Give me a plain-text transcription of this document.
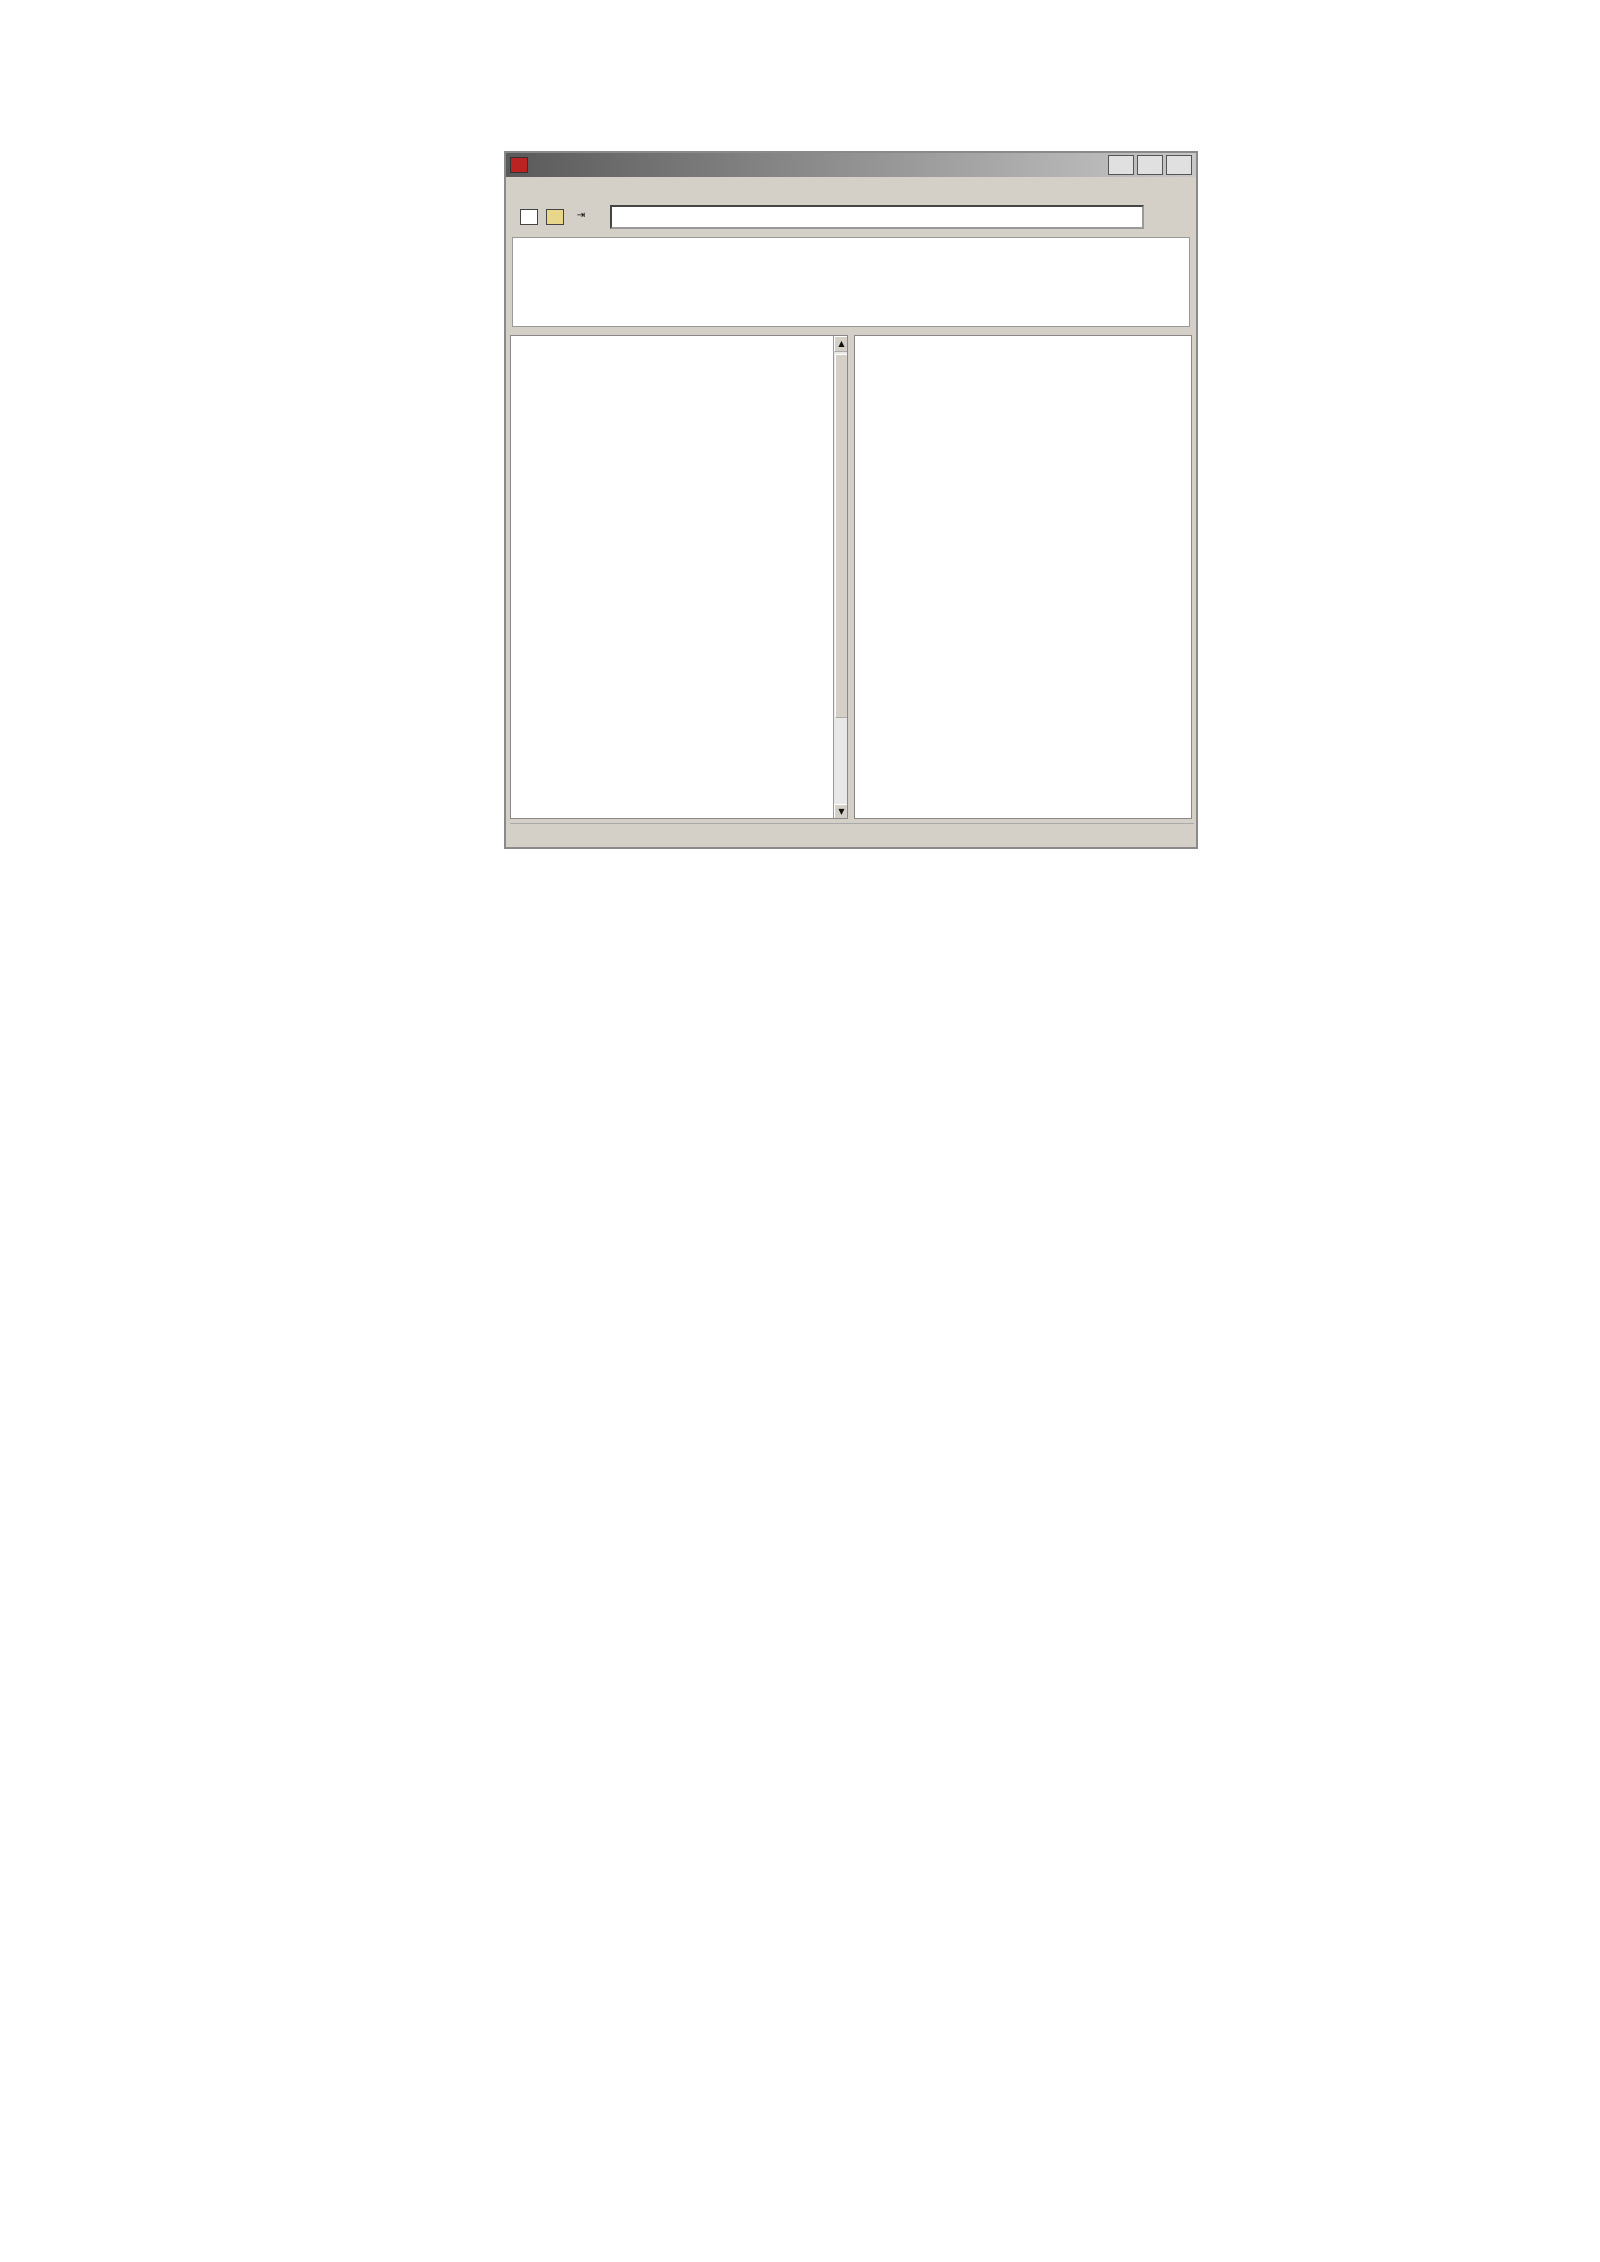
⇥
▲
▼
